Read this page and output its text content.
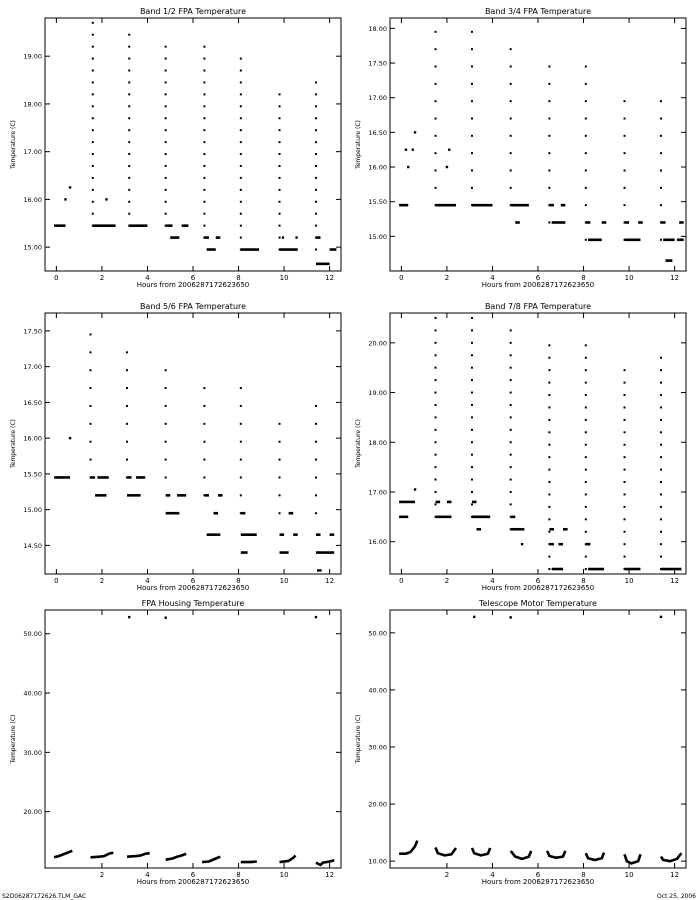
Band 1/2 FPA Temperature
Hours from 2006287172623650
Temperature (C)
0	2	4	6	8	10	12
15.00
16.00
17.00
18.00
19.00
Band 3/4 FPA Temperature
Hours from 2006287172623650
Temperature (C)
0	2	4	6	8	10	12
15.00
15.50
16.00
16.50
17.00
17.50
18.00
Band 5/6 FPA Temperature
Hours from 2006287172623650
Temperature (C)
0	2	4	6	8	10	12
14.50
15.00
15.50
16.00
16.50
17.00
17.50
Band 7/8 FPA Temperature
Hours from 2006287172623650
Temperature (C)
0	2	4	6	8	10	12
16.00
17.00
18.00
19.00
20.00
FPA Housing Temperature
Hours from 2006287172623650
Temperature (C)
2	4	6	8	10	12
20.00
30.00
40.00
50.00
Telescope Motor Temperature
Hours from 2006287172623650
Temperature (C)
2	4	6	8	10	12
10.00
20.00
30.00
40.00
50.00
S2D06287172626.TLM_GAC	Oct 25, 2006
